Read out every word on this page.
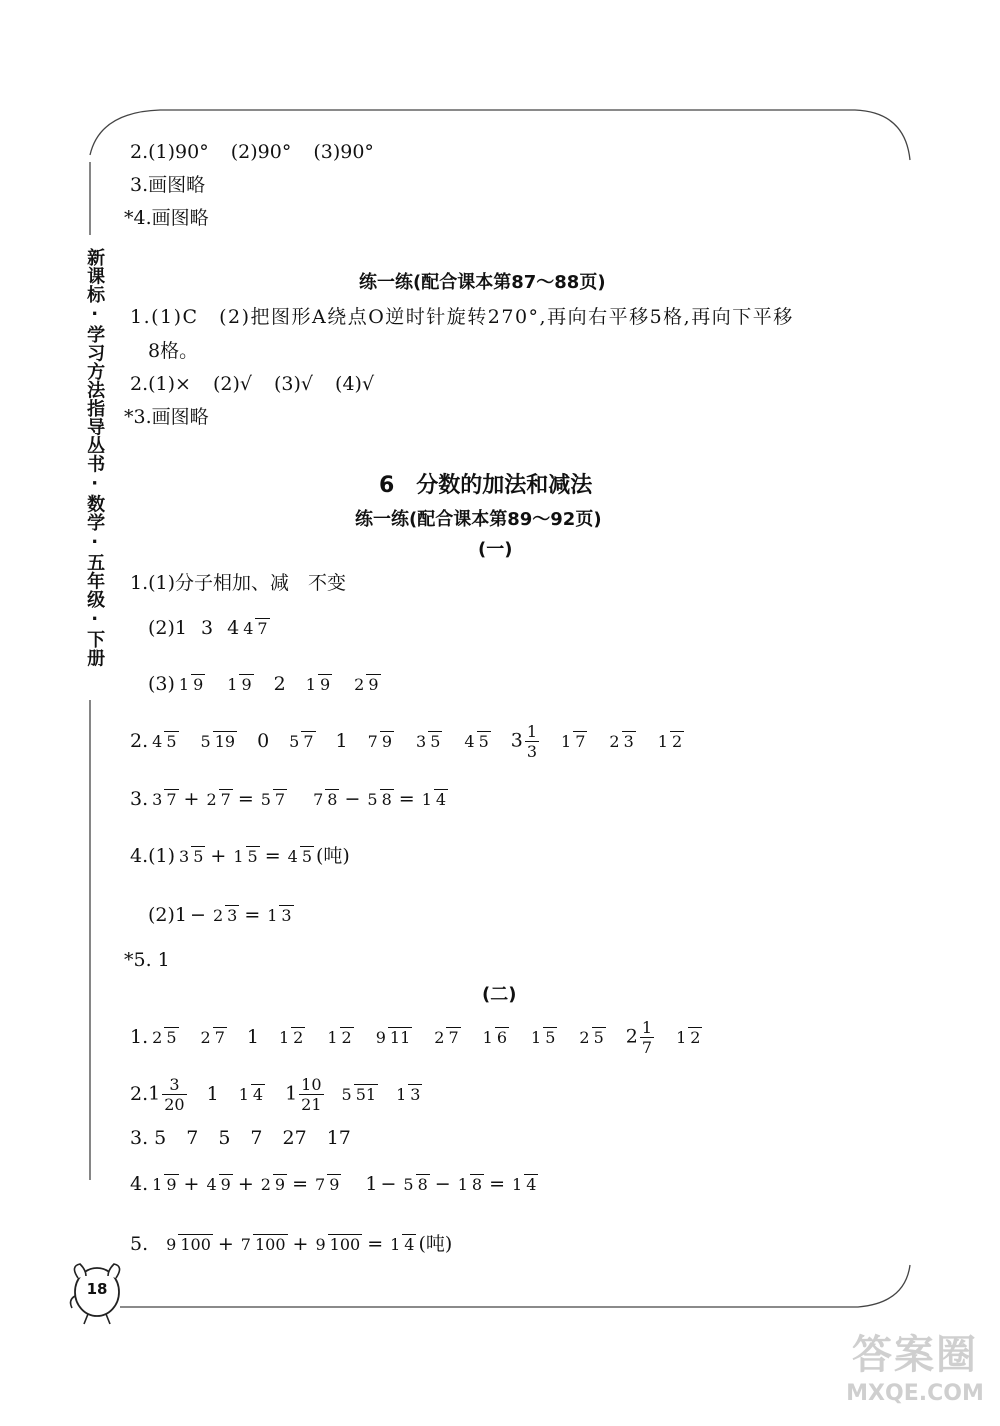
18
新课标·学习方法指导丛书·数学·五年级·下册
答案圈
MXQE.COM
2. (1)90° (2)90° (3)90°
3.画图略
*4.画图略
练一练(配合课本第87～88页)
1.(1)C　(2)把图形A绕点O逆时针旋转270°,再向右平移5格,再向下平移
8格。
2. (1)× (2)√ (3)√ (4)√
*3.画图略
6　分数的加法和减法
练一练(配合课本第89～92页)
(一)
1.(1)分子相加、减　不变
(2) 1 3 4 4 7
(3) 1 9 1 9 2 1 9 2 9
2. 4 5 5 19 0 5 7 1 7 9 3 5 4 5 $3 \frac{1}{3} 1$ 7 2 3 1 2
3. 3 7 + 2 7 = 5 7 7 8 − 5 8 = 1 4
4.(1) 3 5 + 1 5 = 4 5 (吨)
(2)1 − 2 3 = 1 3
*5. 1
(二)
1. 2 5 2 7 1 1 2 1 2 9 11 2 7 1 6 1 5 2 5 $2 \frac{1}{7} 1$ 2
2. $1 \frac{3}{20} 1$ 1 4 $1 \frac{10}{21} 5$ 51 1 3
3. 5 7 5 7 27 17
4. 1 9 + 4 9 + 2 9 = 7 9 1 − 5 8 − 1 8 = 1 4
5. 9 100 + 7 100 + 9 100 = 1 4 (吨)
